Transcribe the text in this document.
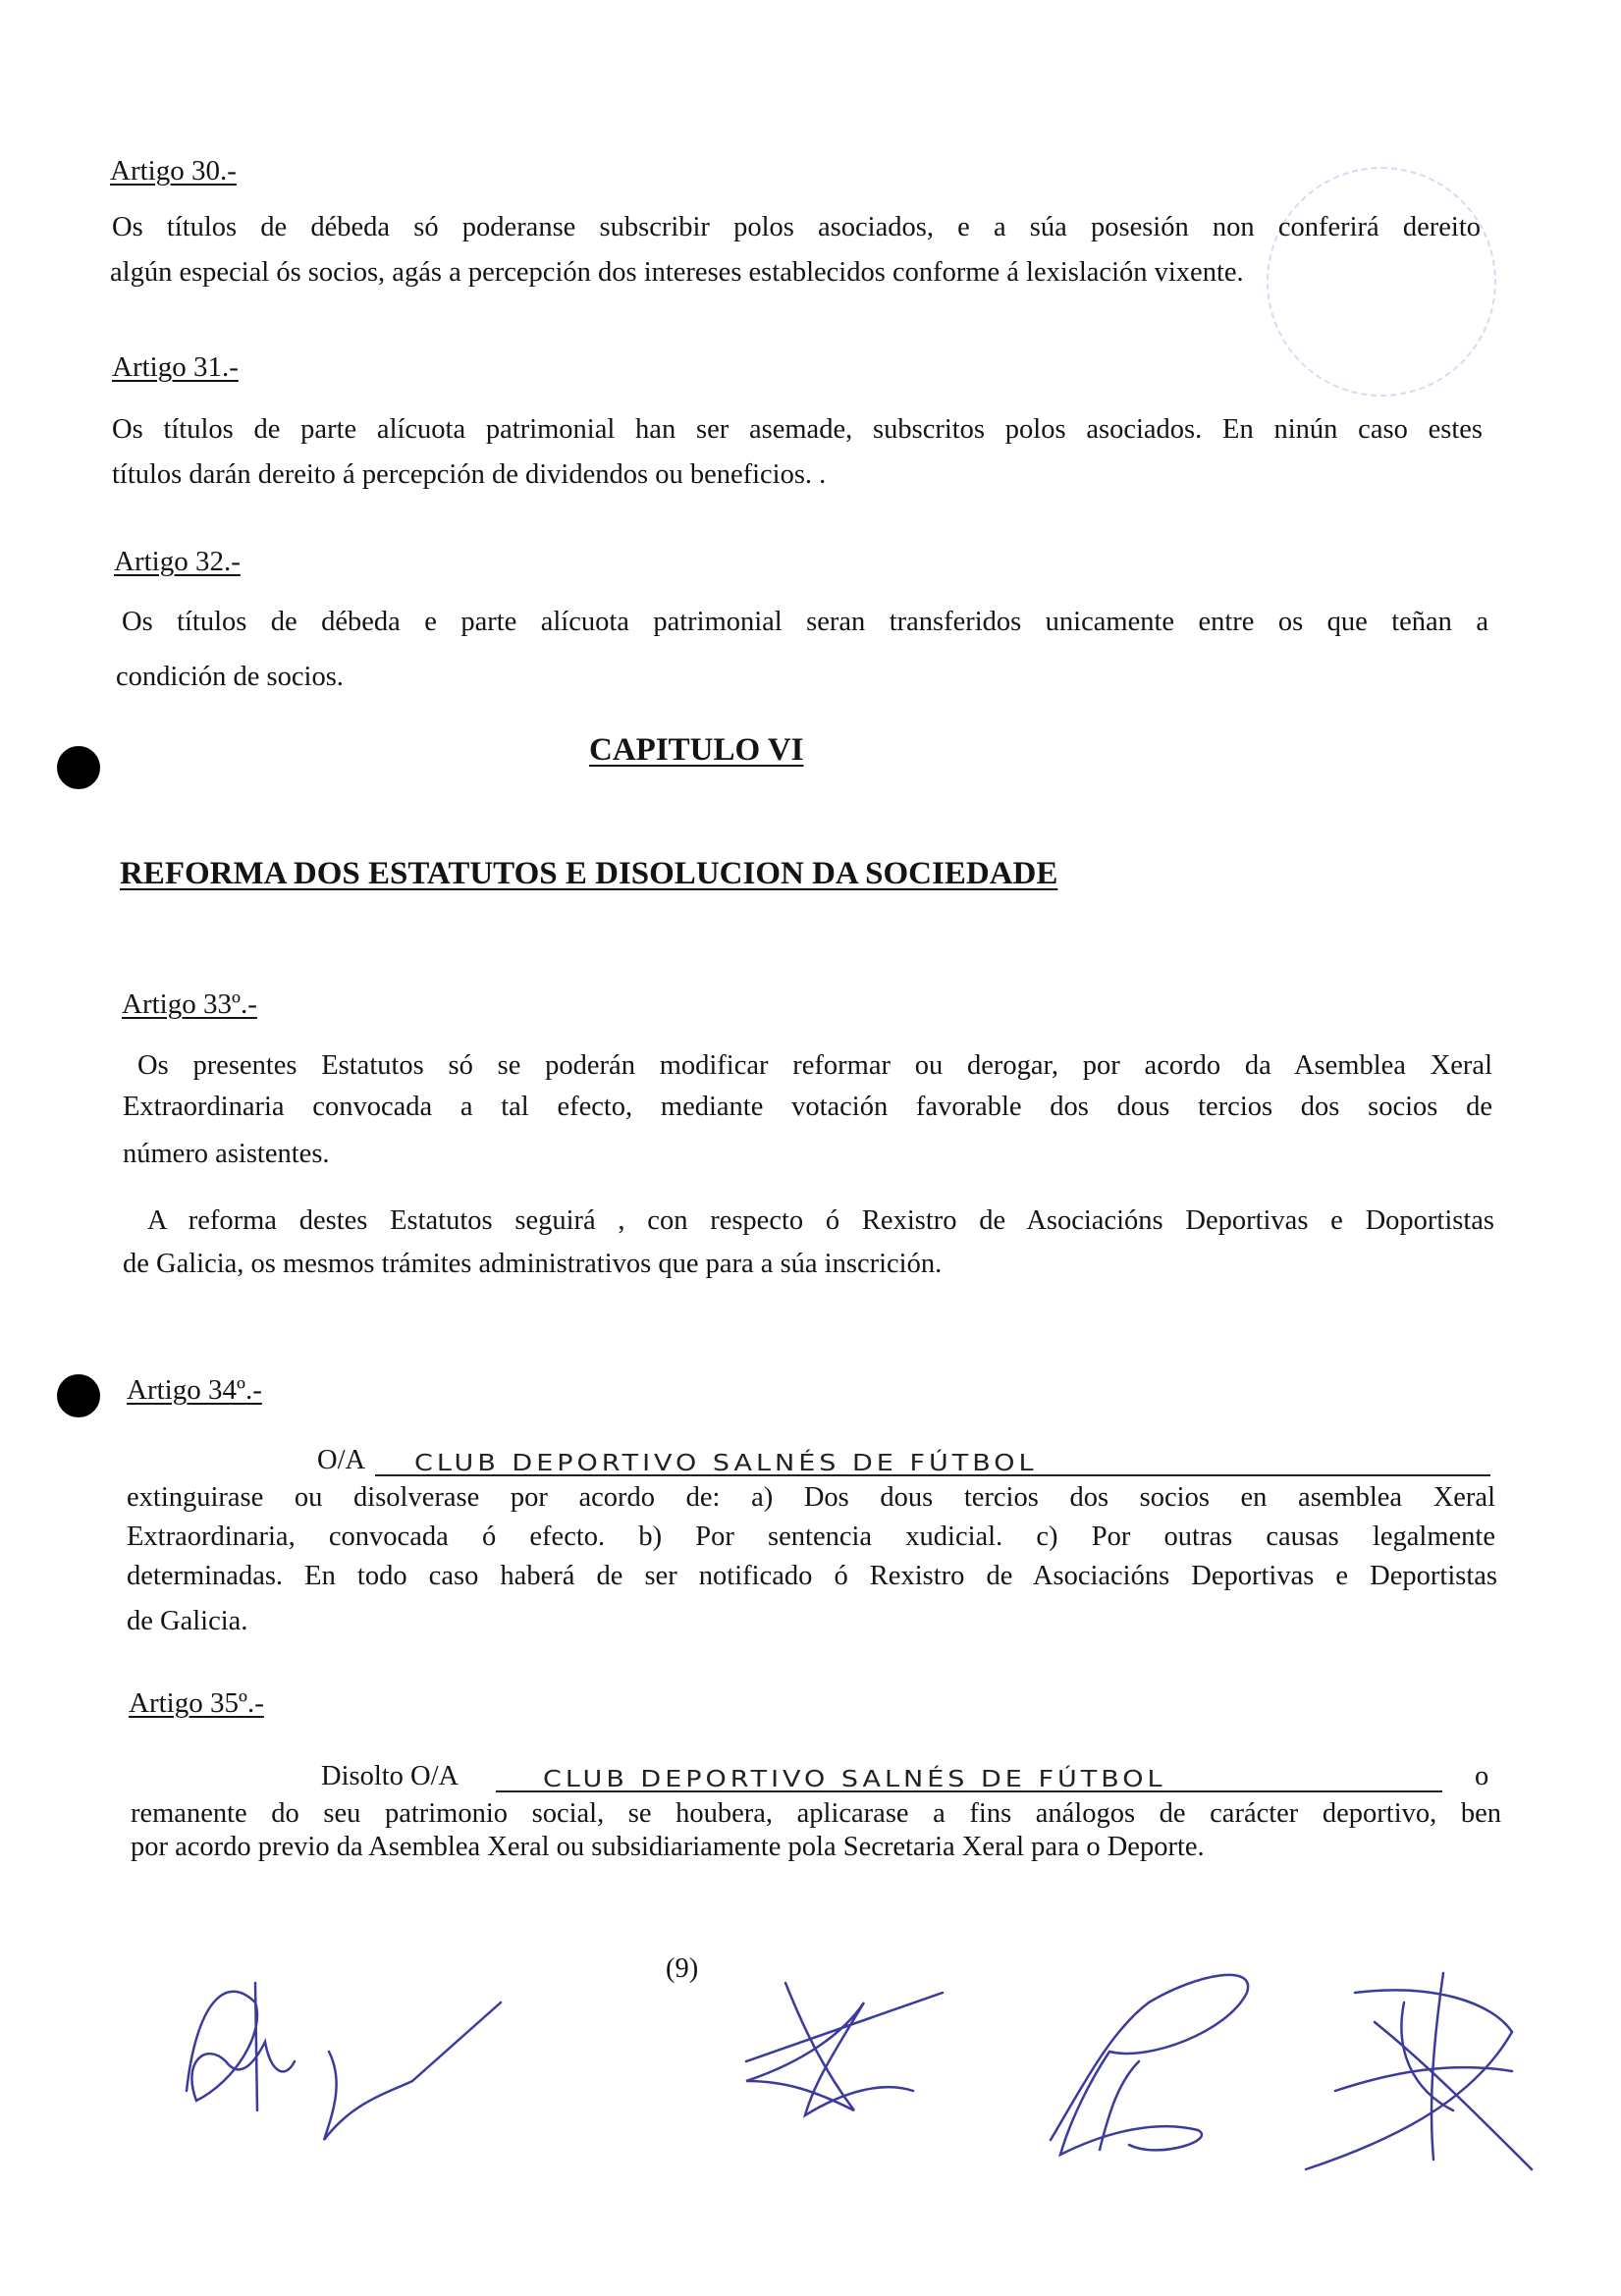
Artigo 30.-
Os títulos de débeda só poderanse subscribir polos asociados, e a súa posesión non conferirá dereito
algún especial ós socios, agás a percepción dos intereses establecidos conforme á lexislación vixente.
Artigo 31.-
Os títulos de parte alícuota patrimonial han ser asemade, subscritos polos asociados. En ninún caso estes
títulos darán dereito á percepción de dividendos ou beneficios. .
Artigo 32.-
Os títulos de débeda e parte alícuota patrimonial seran transferidos unicamente entre os que teñan a
condición de socios.
CAPITULO VI
REFORMA DOS ESTATUTOS E DISOLUCION DA SOCIEDADE
Artigo 33º.-
Os presentes Estatutos só se poderán modificar reformar ou derogar, por acordo da Asemblea Xeral
Extraordinaria convocada a tal efecto, mediante votación favorable dos dous tercios dos socios de
número asistentes.
A reforma destes Estatutos seguirá , con respecto ó Rexistro de Asociacións Deportivas e Doportistas
de Galicia, os mesmos trámites administrativos que para a súa inscrición.
Artigo 34º.-
O/A CLUB DEPORTIVO SALNÉS DE FÚTBOL
extinguirase ou disolverase por acordo de: a) Dos dous tercios dos socios en asemblea Xeral
Extraordinaria, convocada ó efecto. b) Por sentencia xudicial. c) Por outras causas legalmente
determinadas. En todo caso haberá de ser notificado ó Rexistro de Asociacións Deportivas e Deportistas
de Galicia.
Artigo 35º.-
Disolto O/A	CLUB DEPORTIVO SALNÉS DE FÚTBOL	o
remanente do seu patrimonio social, se houbera, aplicarase a fins análogos de carácter deportivo, ben
por acordo previo da Asemblea Xeral ou subsidiariamente pola Secretaria Xeral para o Deporte.
(9)
